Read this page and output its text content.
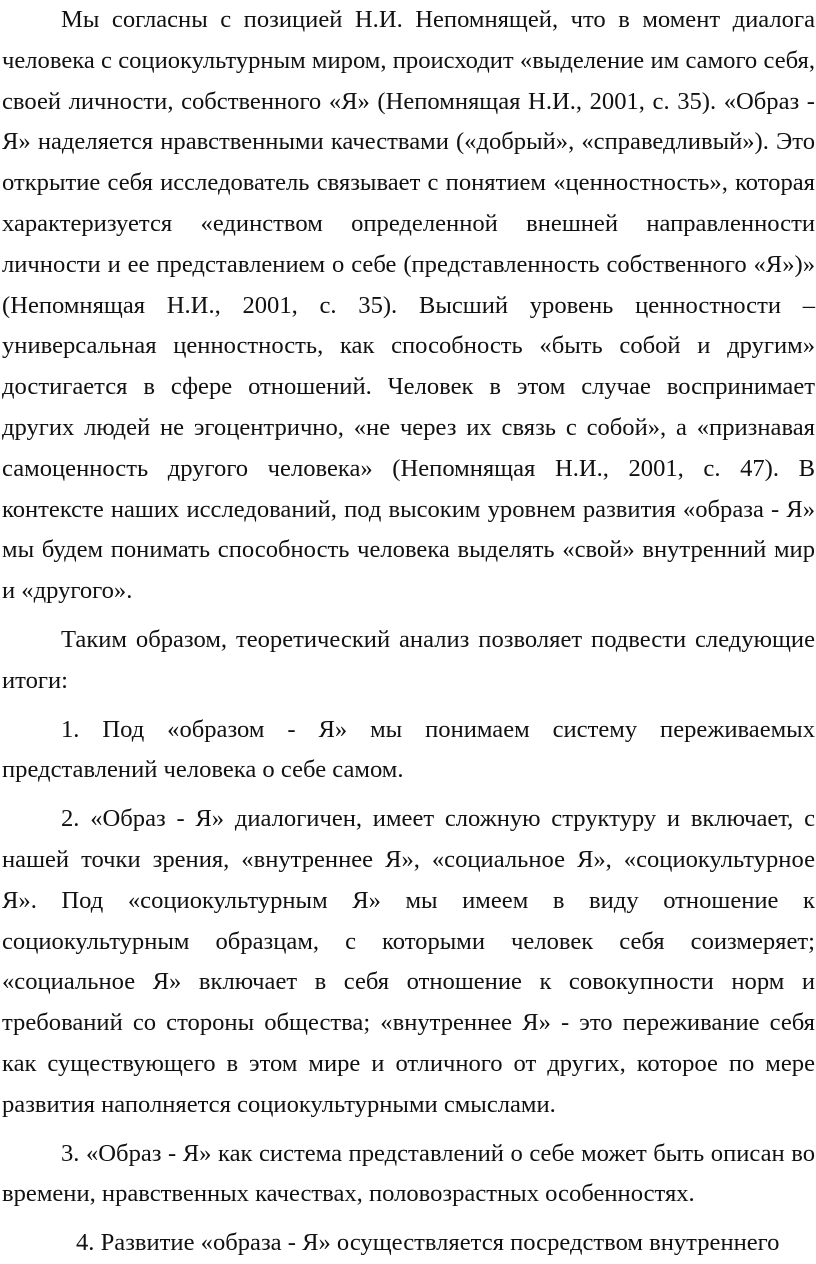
Мы согласны с позицией Н.И. Непомнящей, что в момент диалога человека с социокультурным миром, происходит «выделение им самого себя, своей личности, собственного «Я» (Непомнящая Н.И., 2001, с. 35). «Образ - Я» наделяется нравственными качествами («добрый», «справедливый»). Это открытие себя исследователь связывает с понятием «ценностность», которая характеризуется «единством определенной внешней направленности личности и ее представлением о себе (представленность собственного «Я»)» (Непомнящая Н.И., 2001, с. 35). Высший уровень ценностности – универсальная ценностность, как способность «быть собой и другим» достигается в сфере отношений. Человек в этом случае воспринимает других людей не эгоцентрично, «не через их связь с собой», а «признавая самоценность другого человека» (Непомнящая Н.И., 2001, с. 47). В контексте наших исследований, под высоким уровнем развития «образа - Я» мы будем понимать способность человека выделять «свой» внутренний мир и «другого».

Таким образом, теоретический анализ позволяет подвести следующие итоги:

1. Под «образом - Я» мы понимаем систему переживаемых представлений человека о себе самом.

2. «Образ - Я» диалогичен, имеет сложную структуру и включает, с нашей точки зрения, «внутреннее Я», «социальное Я», «социокультурное Я». Под «социокультурным Я» мы имеем в виду отношение к социокультурным образцам, с которыми человек себя соизмеряет; «социальное Я» включает в себя отношение к совокупности норм и требований со стороны общества; «внутреннее Я» - это переживание себя как существующего в этом мире и отличного от других, которое по мере развития наполняется социокультурными смыслами.

3. «Образ - Я» как система представлений о себе может быть описан во времени, нравственных качествах, половозрастных особенностях.

4. Развитие «образа - Я» осуществляется посредством внутреннего
